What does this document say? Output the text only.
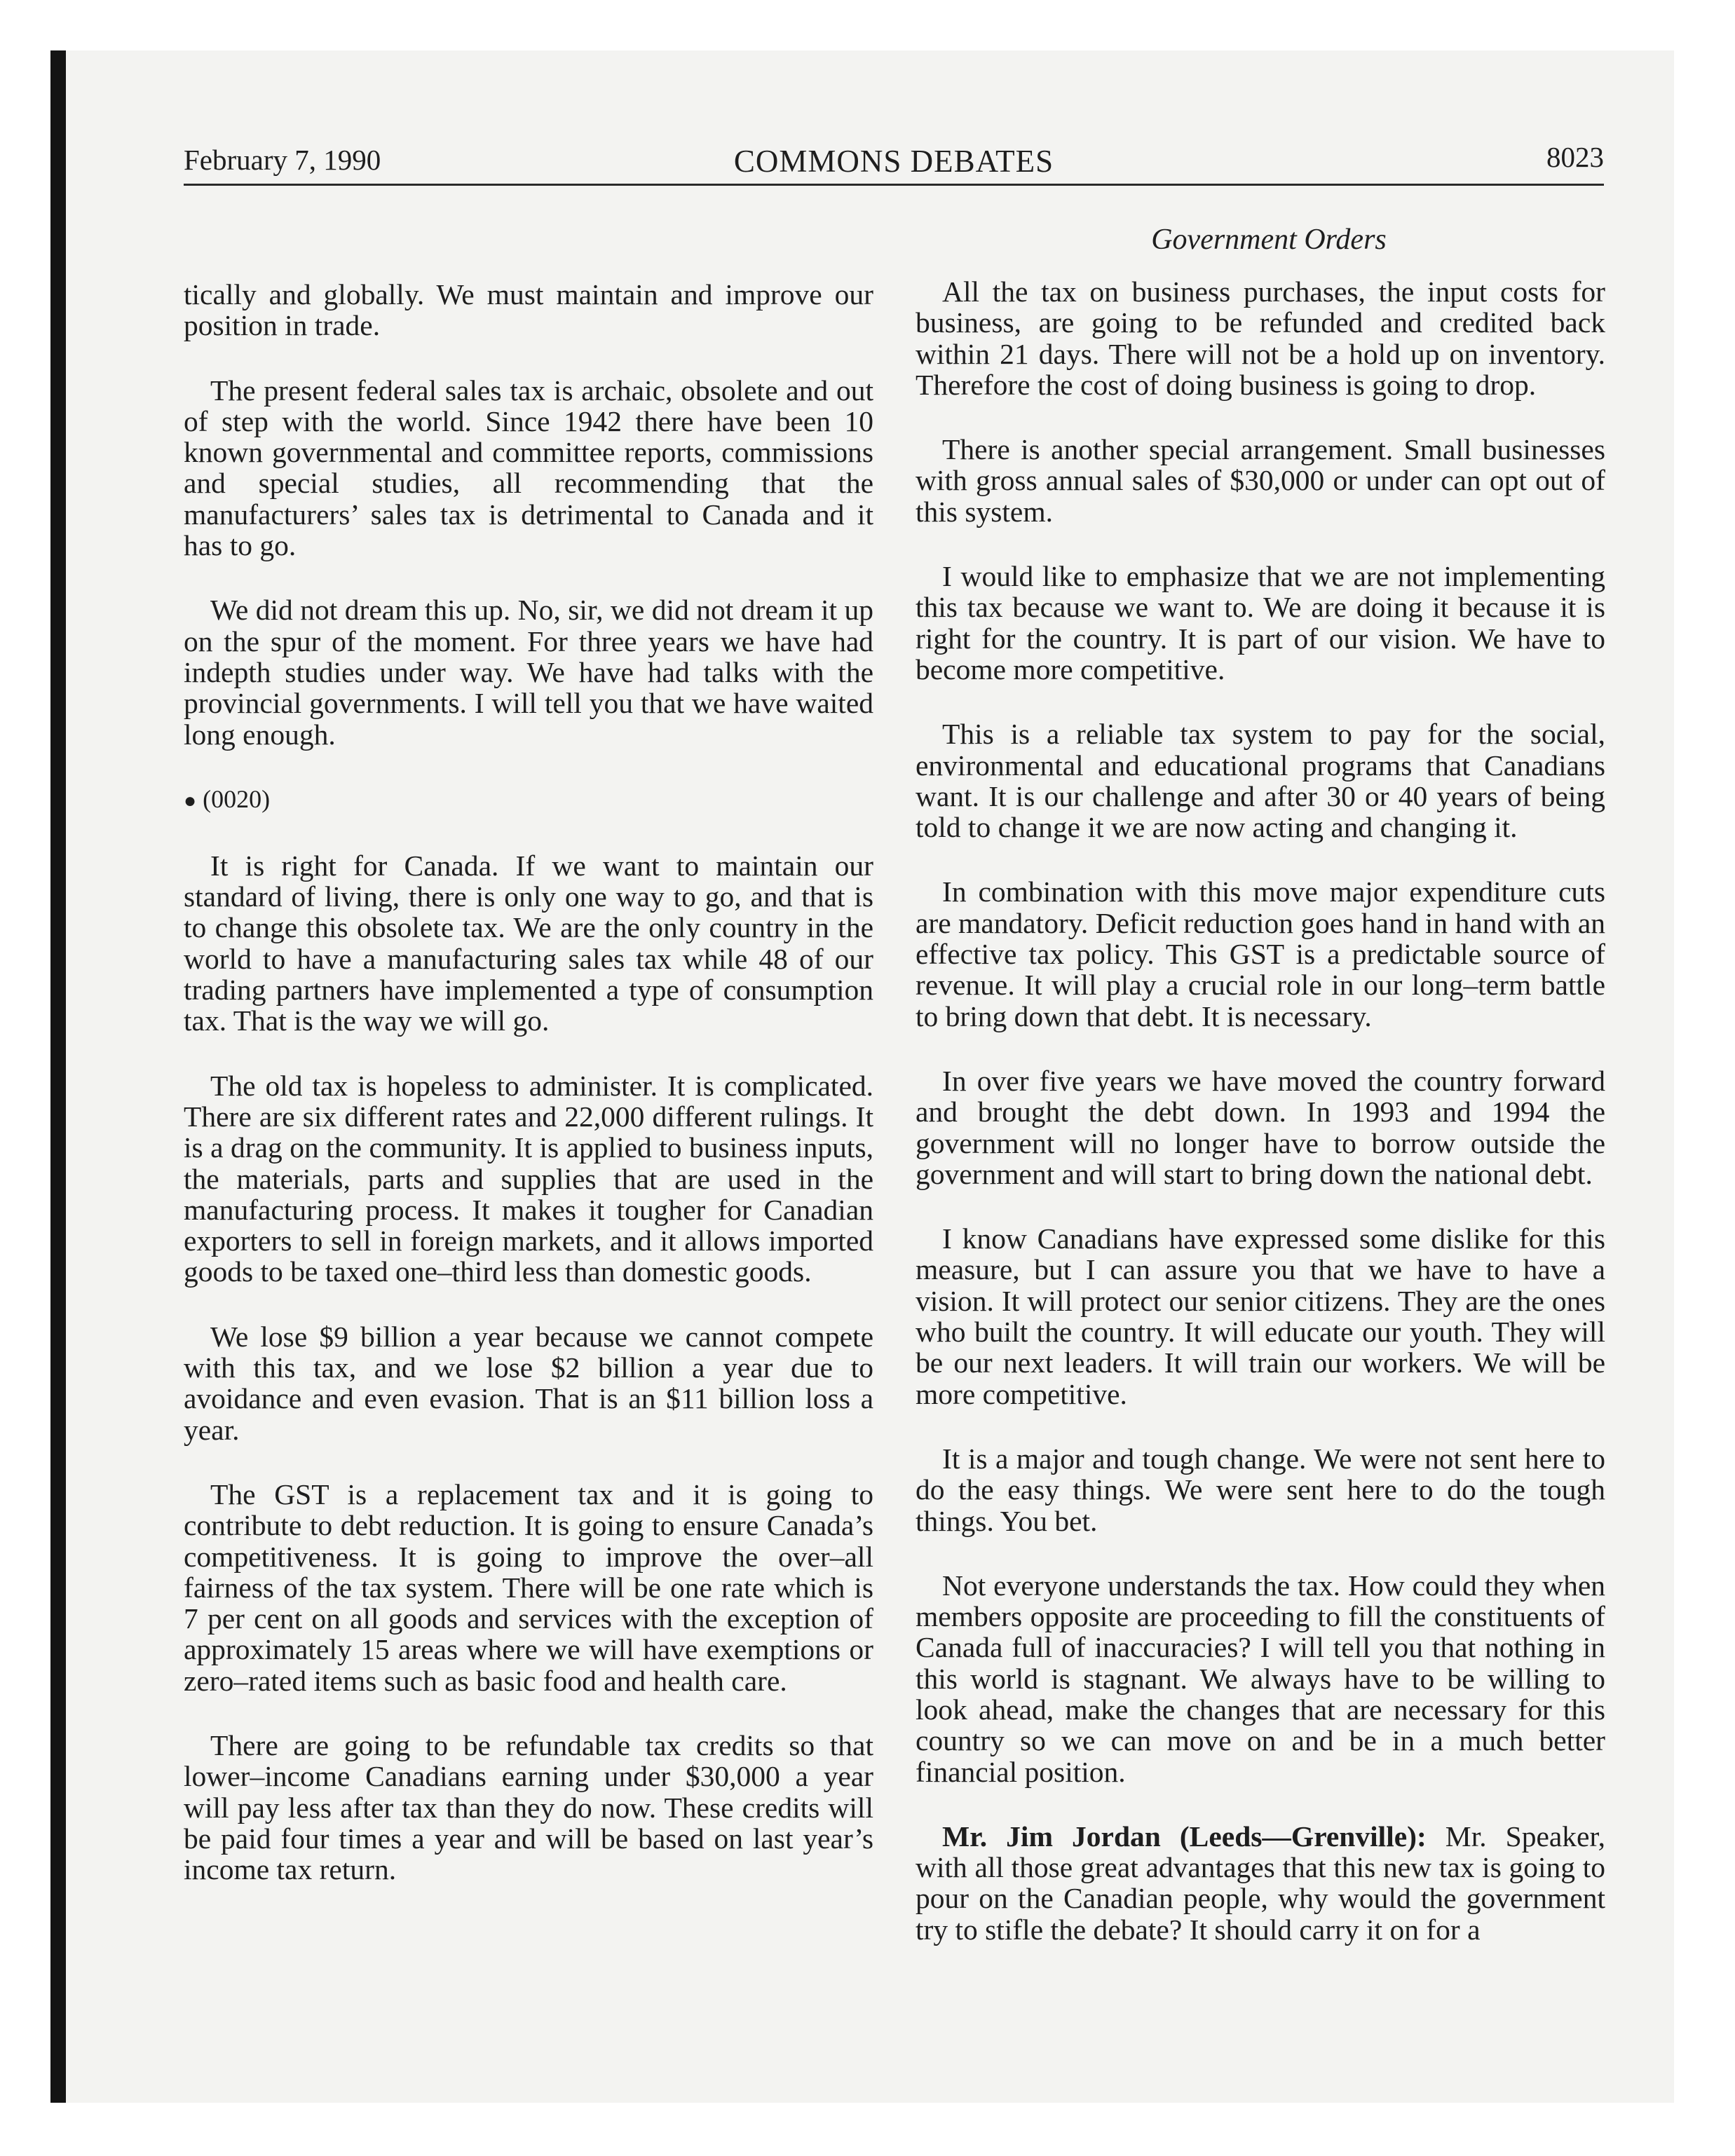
February 7, 1990	COMMONS DEBATES	8023
Government Orders

tically and globally. We must maintain and improve our position in trade.

The present federal sales tax is archaic, obsolete and out of step with the world. Since 1942 there have been 10 known governmental and committee reports, commissions and special studies, all recommending that the manufacturers’ sales tax is detrimental to Canada and it has to go.

We did not dream this up. No, sir, we did not dream it up on the spur of the moment. For three years we have had indepth studies under way. We have had talks with the provincial governments. I will tell you that we have waited long enough.

● (0020)

It is right for Canada. If we want to maintain our standard of living, there is only one way to go, and that is to change this obsolete tax. We are the only country in the world to have a manufacturing sales tax while 48 of our trading partners have implemented a type of consumption tax. That is the way we will go.

The old tax is hopeless to administer. It is complicated. There are six different rates and 22,000 different rulings. It is a drag on the community. It is applied to business inputs, the materials, parts and supplies that are used in the manufacturing process. It makes it tougher for Canadian exporters to sell in foreign markets, and it allows imported goods to be taxed one–third less than domestic goods.

We lose $9 billion a year because we cannot compete with this tax, and we lose $2 billion a year due to avoidance and even evasion. That is an $11 billion loss a year.

The GST is a replacement tax and it is going to contribute to debt reduction. It is going to ensure Canada’s competitiveness. It is going to improve the over–all fairness of the tax system. There will be one rate which is 7 per cent on all goods and services with the exception of approximately 15 areas where we will have exemptions or zero–rated items such as basic food and health care.

There are going to be refundable tax credits so that lower–income Canadians earning under $30,000 a year will pay less after tax than they do now. These credits will be paid four times a year and will be based on last year’s income tax return.

All the tax on business purchases, the input costs for business, are going to be refunded and credited back within 21 days. There will not be a hold up on inventory. Therefore the cost of doing business is going to drop.

There is another special arrangement. Small businesses with gross annual sales of $30,000 or under can opt out of this system.

I would like to emphasize that we are not implementing this tax because we want to. We are doing it because it is right for the country. It is part of our vision. We have to become more competitive.

This is a reliable tax system to pay for the social, environmental and educational programs that Canadians want. It is our challenge and after 30 or 40 years of being told to change it we are now acting and changing it.

In combination with this move major expenditure cuts are mandatory. Deficit reduction goes hand in hand with an effective tax policy. This GST is a predictable source of revenue. It will play a crucial role in our long–term battle to bring down that debt. It is necessary.

In over five years we have moved the country forward and brought the debt down. In 1993 and 1994 the government will no longer have to borrow outside the government and will start to bring down the national debt.

I know Canadians have expressed some dislike for this measure, but I can assure you that we have to have a vision. It will protect our senior citizens. They are the ones who built the country. It will educate our youth. They will be our next leaders. It will train our workers. We will be more competitive.

It is a major and tough change. We were not sent here to do the easy things. We were sent here to do the tough things. You bet.

Not everyone understands the tax. How could they when members opposite are proceeding to fill the constituents of Canada full of inaccuracies? I will tell you that nothing in this world is stagnant. We always have to be willing to look ahead, make the changes that are necessary for this country so we can move on and be in a much better financial position.

Mr. Jim Jordan (Leeds—Grenville): Mr. Speaker, with all those great advantages that this new tax is going to pour on the Canadian people, why would the government try to stifle the debate? It should carry it on for a
